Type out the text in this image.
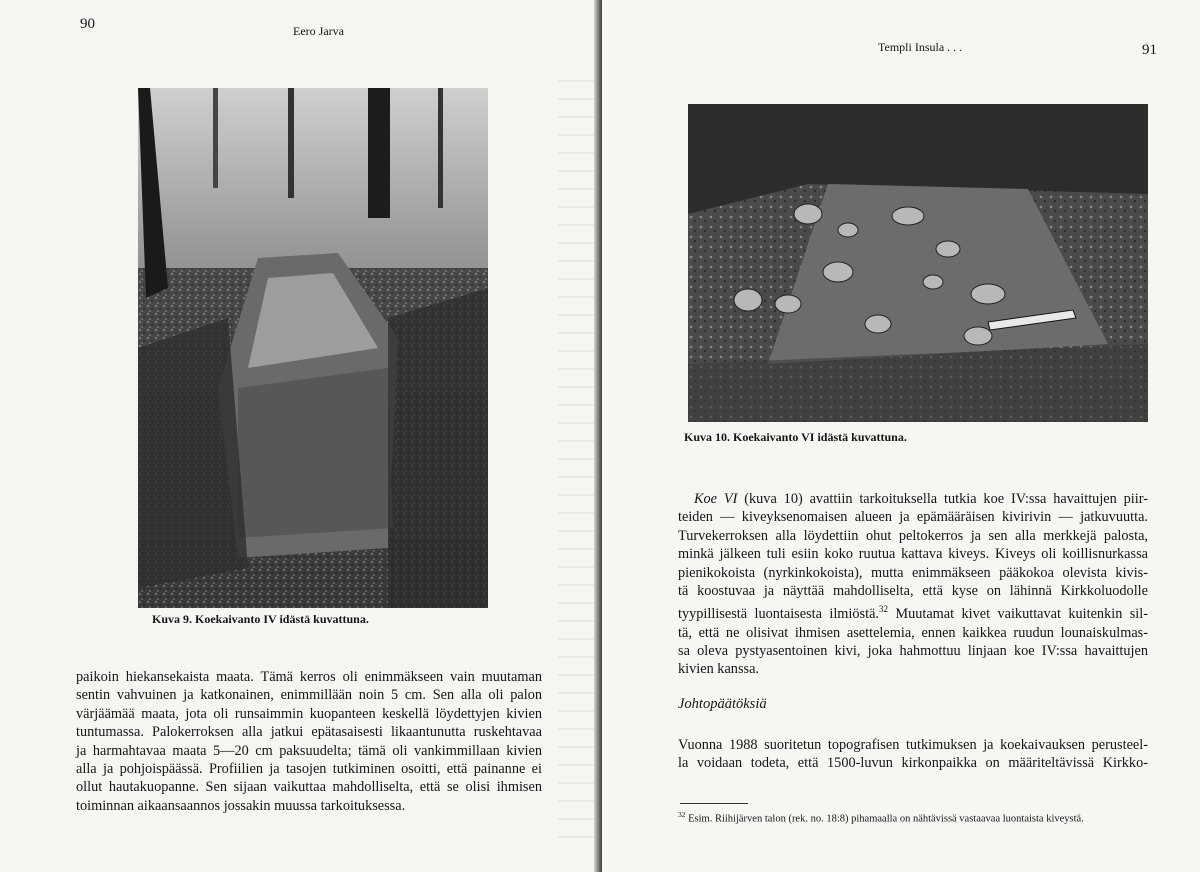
90	Eero Jarva
Kuva 9. Koekaivanto IV idästä kuvattuna.
paikoin hiekansekaista maata. Tämä kerros oli enimmäkseen vain muutaman
sentin vahvuinen ja katkonainen, enimmillään noin 5 cm. Sen alla oli palon
värjäämää maata, jota oli runsaimmin kuopanteen keskellä löydettyjen kivien
tuntumassa. Palokerroksen alla jatkui epätasaisesti likaantunutta ruskehtavaa
ja harmahtavaa maata 5—20 cm paksuudelta; tämä oli vankimmillaan kivien
alla ja pohjoispäässä. Profiilien ja tasojen tutkiminen osoitti, että painanne ei
ollut hautakuopanne. Sen sijaan vaikuttaa mahdolliselta, että se olisi ihmisen
toiminnan aikaansaannos jossakin muussa tarkoituksessa.
Templi Insula . . .	91
Kuva 10. Koekaivanto VI idästä kuvattuna.
Koe VI (kuva 10) avattiin tarkoituksella tutkia koe IV:ssa havaittujen piir-
teiden — kiveyksenomaisen alueen ja epämääräisen kivirivin — jatkuvuutta.
Turvekerroksen alla löydettiin ohut peltokerros ja sen alla merkkejä palosta,
minkä jälkeen tuli esiin koko ruutua kattava kiveys. Kiveys oli koillisnurkassa
pienikokoista (nyrkinkokoista), mutta enimmäkseen pääkokoa olevista kivis-
tä koostuvaa ja näyttää mahdolliselta, että kyse on lähinnä Kirkkoluodolle
tyypillisestä luontaisesta ilmiöstä.$^{32}$ Muutamat kivet vaikuttavat kuitenkin sil-
tä, että ne olisivat ihmisen asettelemia, ennen kaikkea ruudun lounaiskulmas-
sa oleva pystyasentoinen kivi, joka hahmottuu linjaan koe IV:ssa havaittujen
kivien kanssa.
Johtopäätöksiä
Vuonna 1988 suoritetun topografisen tutkimuksen ja koekaivauksen perusteel-
la voidaan todeta, että 1500-luvun kirkonpaikka on määriteltävissä Kirkko-
$^{32}$ Esim. Riihijärven talon (rek. no. 18:8) pihamaalla on nähtävissä vastaavaa luontaista kiveystä.
